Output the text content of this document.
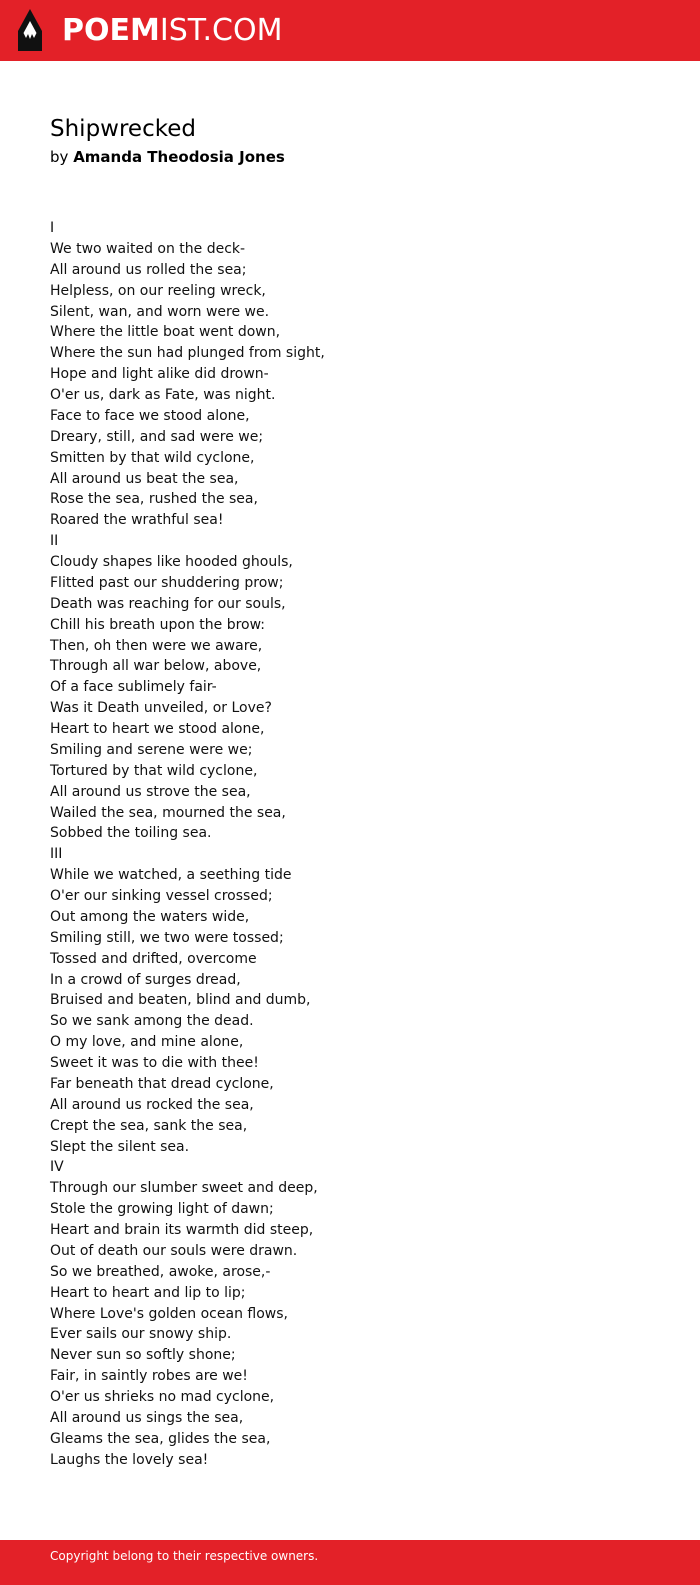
POEMIST.COM
Shipwrecked
by Amanda Theodosia Jones
I
We two waited on the deck-
All around us rolled the sea;
Helpless, on our reeling wreck,
Silent, wan, and worn were we.
Where the little boat went down,
Where the sun had plunged from sight,
Hope and light alike did drown-
O'er us, dark as Fate, was night.
Face to face we stood alone,
Dreary, still, and sad were we;
Smitten by that wild cyclone,
All around us beat the sea,
Rose the sea, rushed the sea,
Roared the wrathful sea!
II
Cloudy shapes like hooded ghouls,
Flitted past our shuddering prow;
Death was reaching for our souls,
Chill his breath upon the brow:
Then, oh then were we aware,
Through all war below, above,
Of a face sublimely fair-
Was it Death unveiled, or Love?
Heart to heart we stood alone,
Smiling and serene were we;
Tortured by that wild cyclone,
All around us strove the sea,
Wailed the sea, mourned the sea,
Sobbed the toiling sea.
III
While we watched, a seething tide
O'er our sinking vessel crossed;
Out among the waters wide,
Smiling still, we two were tossed;
Tossed and drifted, overcome
In a crowd of surges dread,
Bruised and beaten, blind and dumb,
So we sank among the dead.
O my love, and mine alone,
Sweet it was to die with thee!
Far beneath that dread cyclone,
All around us rocked the sea,
Crept the sea, sank the sea,
Slept the silent sea.
IV
Through our slumber sweet and deep,
Stole the growing light of dawn;
Heart and brain its warmth did steep,
Out of death our souls were drawn.
So we breathed, awoke, arose,-
Heart to heart and lip to lip;
Where Love's golden ocean flows,
Ever sails our snowy ship.
Never sun so softly shone;
Fair, in saintly robes are we!
O'er us shrieks no mad cyclone,
All around us sings the sea,
Gleams the sea, glides the sea,
Laughs the lovely sea!
Copyright belong to their respective owners.
